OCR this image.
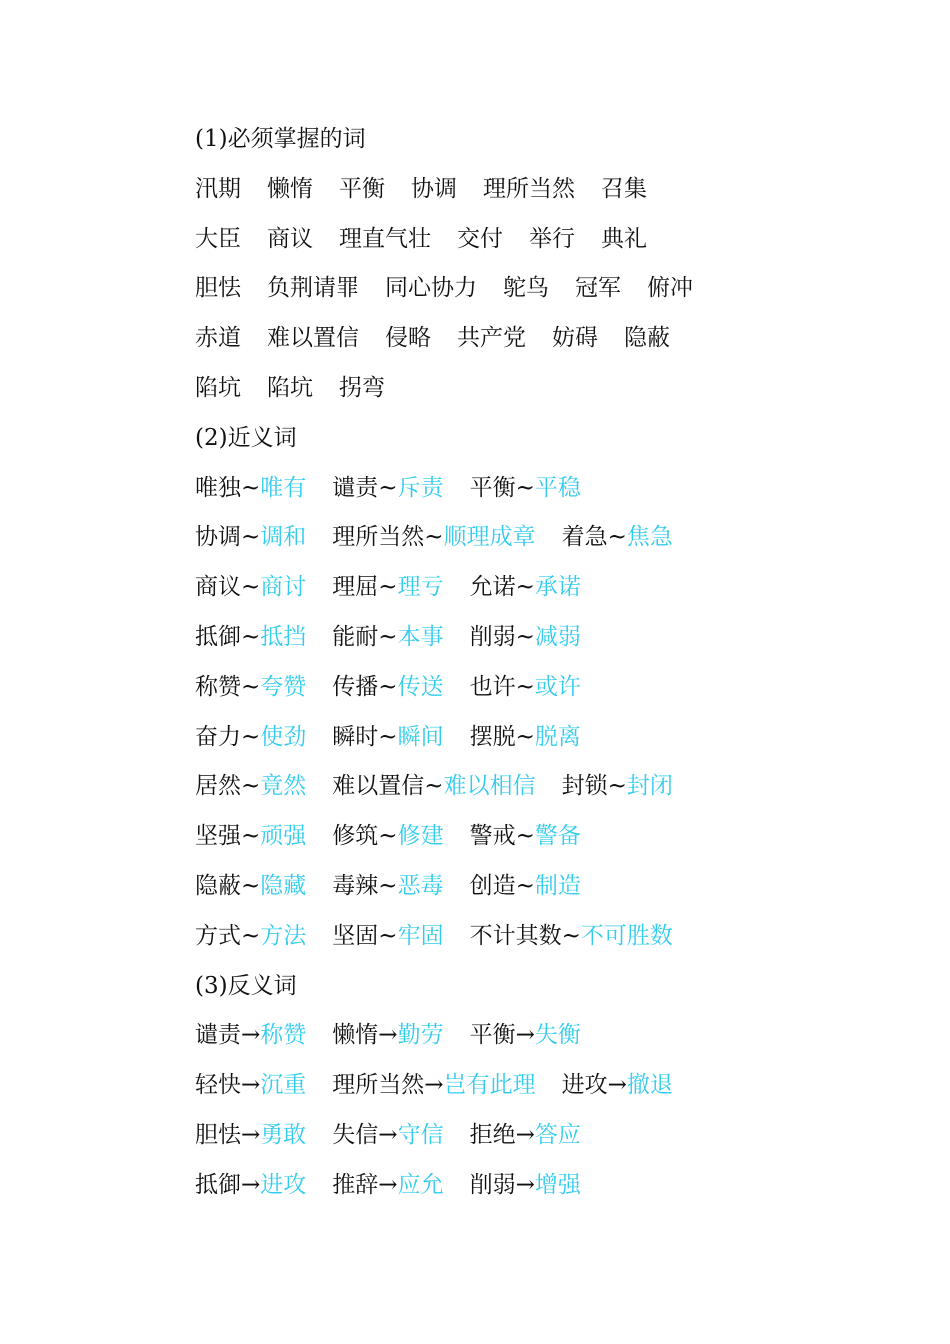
(1)必须掌握的词
汛期 懒惰 平衡 协调 理所当然 召集
大臣 商议 理直气壮 交付 举行 典礼
胆怯 负荆请罪 同心协力 鸵鸟 冠军 俯冲
赤道 难以置信 侵略 共产党 妨碍 隐蔽
陷坑 陷坑 拐弯
(2)近义词
唯独~唯有 谴责~斥责 平衡~平稳
协调~调和 理所当然~顺理成章 着急~焦急
商议~商讨 理屈~理亏 允诺~承诺
抵御~抵挡 能耐~本事 削弱~减弱
称赞~夸赞 传播~传送 也许~或许
奋力~使劲 瞬时~瞬间 摆脱~脱离
居然~竟然 难以置信~难以相信 封锁~封闭
坚强~顽强 修筑~修建 警戒~警备
隐蔽~隐藏 毒辣~恶毒 创造~制造
方式~方法 坚固~牢固 不计其数~不可胜数
(3)反义词
谴责→称赞 懒惰→勤劳 平衡→失衡
轻快→沉重 理所当然→岂有此理 进攻→撤退
胆怯→勇敢 失信→守信 拒绝→答应
抵御→进攻 推辞→应允 削弱→增强
